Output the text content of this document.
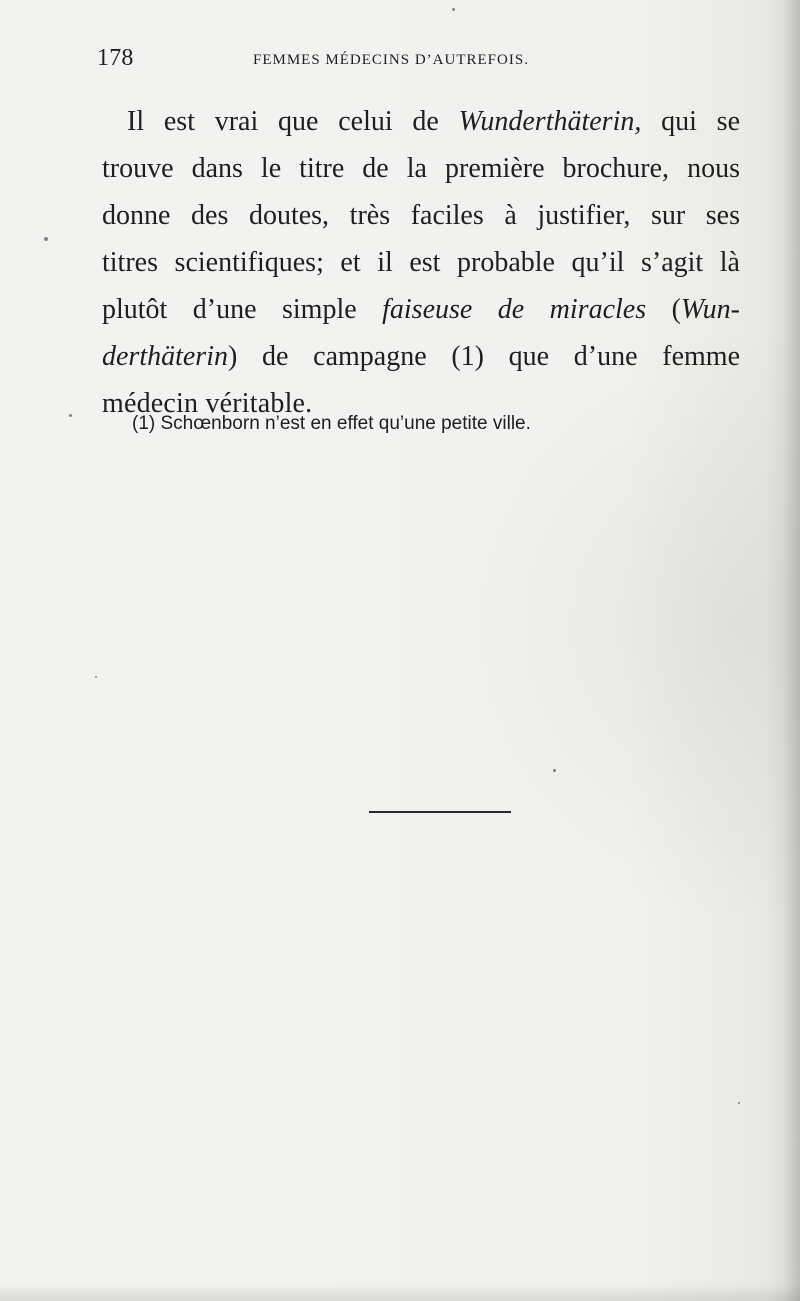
178	FEMMES MÉDECINS D’AUTREFOIS.
Il est vrai que celui de Wunderthäterin, qui se
trouve dans le titre de la première brochure, nous
donne des doutes, très faciles à justifier, sur ses
titres scientifiques; et il est probable qu’il s’agit là
plutôt d’une simple faiseuse de miracles (Wun-
derthäterin) de campagne (1) que d’une femme
médecin véritable.
(1) Schœnborn n’est en effet qu’une petite ville.
